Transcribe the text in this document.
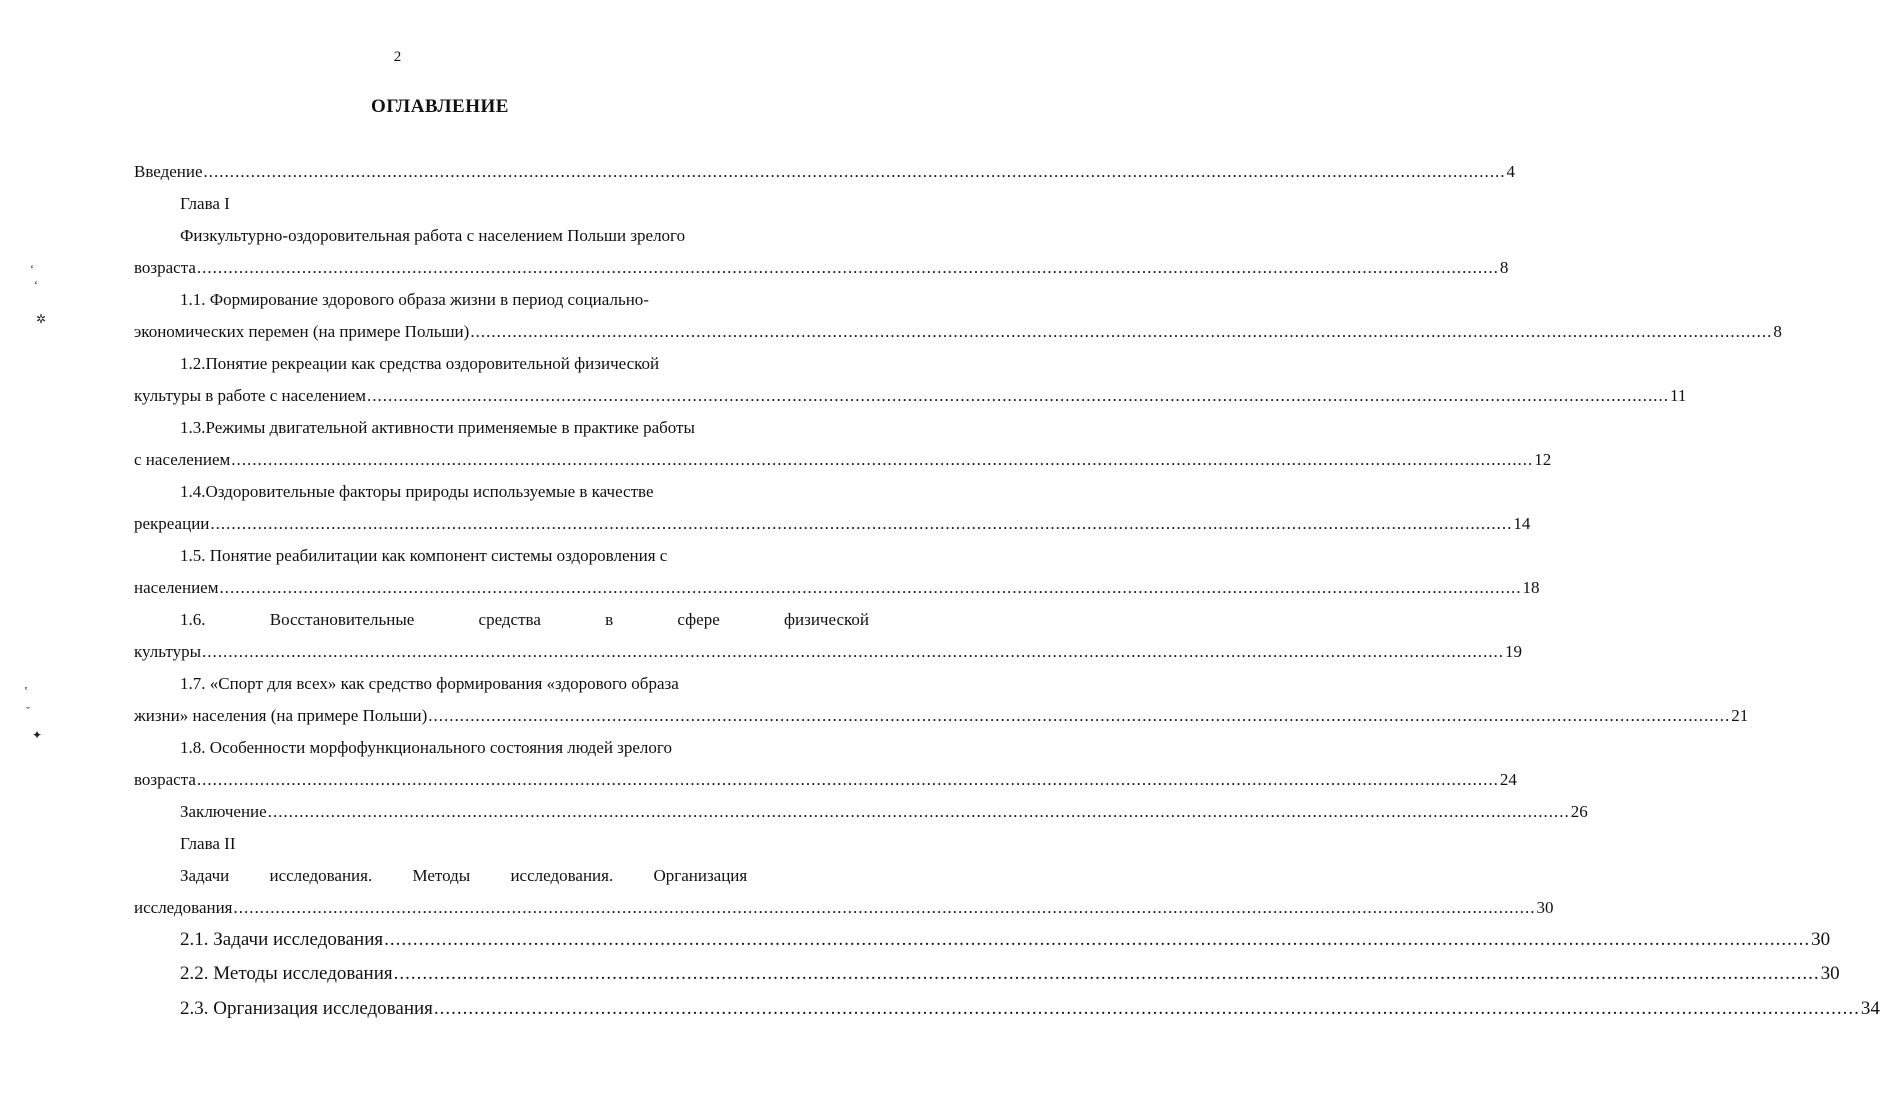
2
ОГЛАВЛЕНИЕ
Введение .....	4
Глава I
Физкультурно-оздоровительная работа с населением Польши зрелого
возраста .....	8
1.1. Формирование здорового образа жизни в период социально-
экономических перемен (на примере Польши) .....	8
1.2.Понятие рекреации как средства оздоровительной физической
культуры в работе с населением .....	11
1.3.Режимы двигательной активности применяемые в практике работы
с населением .....	12
1.4.Оздоровительные факторы природы используемые в качестве
рекреации .....	14
1.5. Понятие реабилитации как компонент системы оздоровления с
населением .....	18
1.6. Восстановительные средства в сфере физической
культуры .....	19
1.7. «Спорт для всех» как средство формирования «здорового образа
жизни» населения (на примере Польши) .....	21
1.8. Особенности морфофункционального состояния людей зрелого
возраста .....	24
Заключение .....	26
Глава II
Задачи исследования. Методы исследования. Организация
исследования .....	30
2.1. Задачи исследования .....	30
2.2. Методы исследования .....	30
2.3. Организация исследования .....	34
‘
ʻ
✲
ʽ
˘
✦
